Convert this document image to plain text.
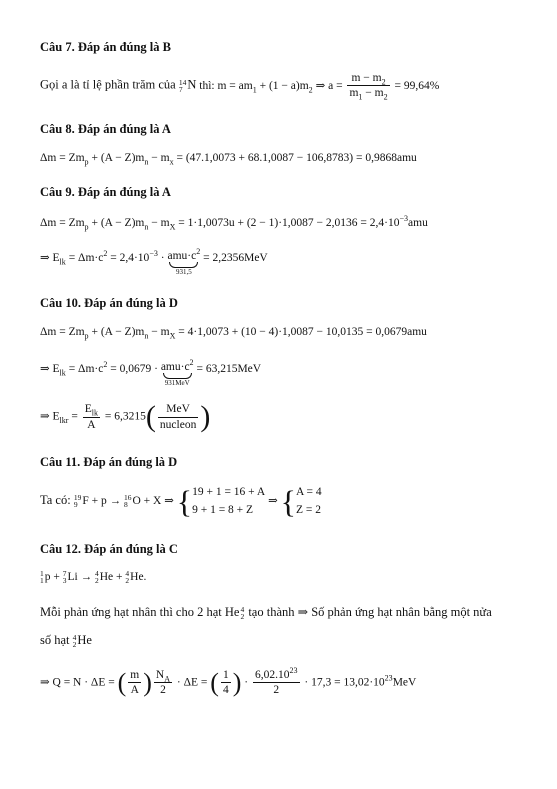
Câu 7. Đáp án đúng là B
Gọi a là tỉ lệ phần trăm của 14
7 N thì: $m = am_1 + (1 - a)m_2$ ⇒ $a = \frac{m - m_2}{m_1 - m_2} = 99,64\%$
Câu 8. Đáp án đúng là A
$\Delta m = Zm_p + (A - Z)m_n - m_x = (47.1,0073 + 68.1,0087 - 106,8783) = 0,9868amu$
Câu 9. Đáp án đúng là A
$\Delta m = Zm_p + (A - Z)m_n - m_X = 1\cdot 1,0073u + (2 - 1)\cdot 1,0087 - 2,0136 = 2,4\cdot 10^{-3}amu$
⇒ $E_{lk} = \Delta m\cdot c^2 = 2,4\cdot 10^{-3} \cdot amu\cdot c^2$
931,5
= 2,2356MeV
Câu 10. Đáp án đúng là D
$\Delta m = Zm_p + (A - Z)m_n - m_X = 4\cdot 1,0073 + (10 - 4)\cdot 1,0087 - 10,0135 = 0,0679amu$
⇒ $E_{lk} = \Delta m\cdot c^2 = 0,0679 \cdot amu\cdot c^2$
931MeV
= 63,215MeV
⇒ $E_{lkr} = \frac{E_{lk}}{A} = 6,3215( \frac{\text{MeV}}{\text{nucleon}}$ )
Câu 11. Đáp án đúng là D
Ta có: 19
9 F + p → 16
8 O + X ⇒ { 19 + 1 = 16 + A
9 + 1 = 8 + Z
⇒ { A = 4
Z = 2
Câu 12. Đáp án đúng là C
1
1 p + 7
3 Li → 4
2 He + 4
2 He.
Mỗi phản ứng hạt nhân thì cho 2 hạt He 4
2 tạo thành ⇒ Số phản ứng hạt nhân bằng một nửa
số hạt 4
2 He
⇒ Q = N · ΔE = ( $\frac{m}{A}$ ) $\frac{N_A}{2} \cdot \Delta E$ = ( $\frac{1}{4}$ ) · $\frac{6,02.10^{23}}{2} \cdot 17,3 = 13,02\cdot 10^{23}MeV$
